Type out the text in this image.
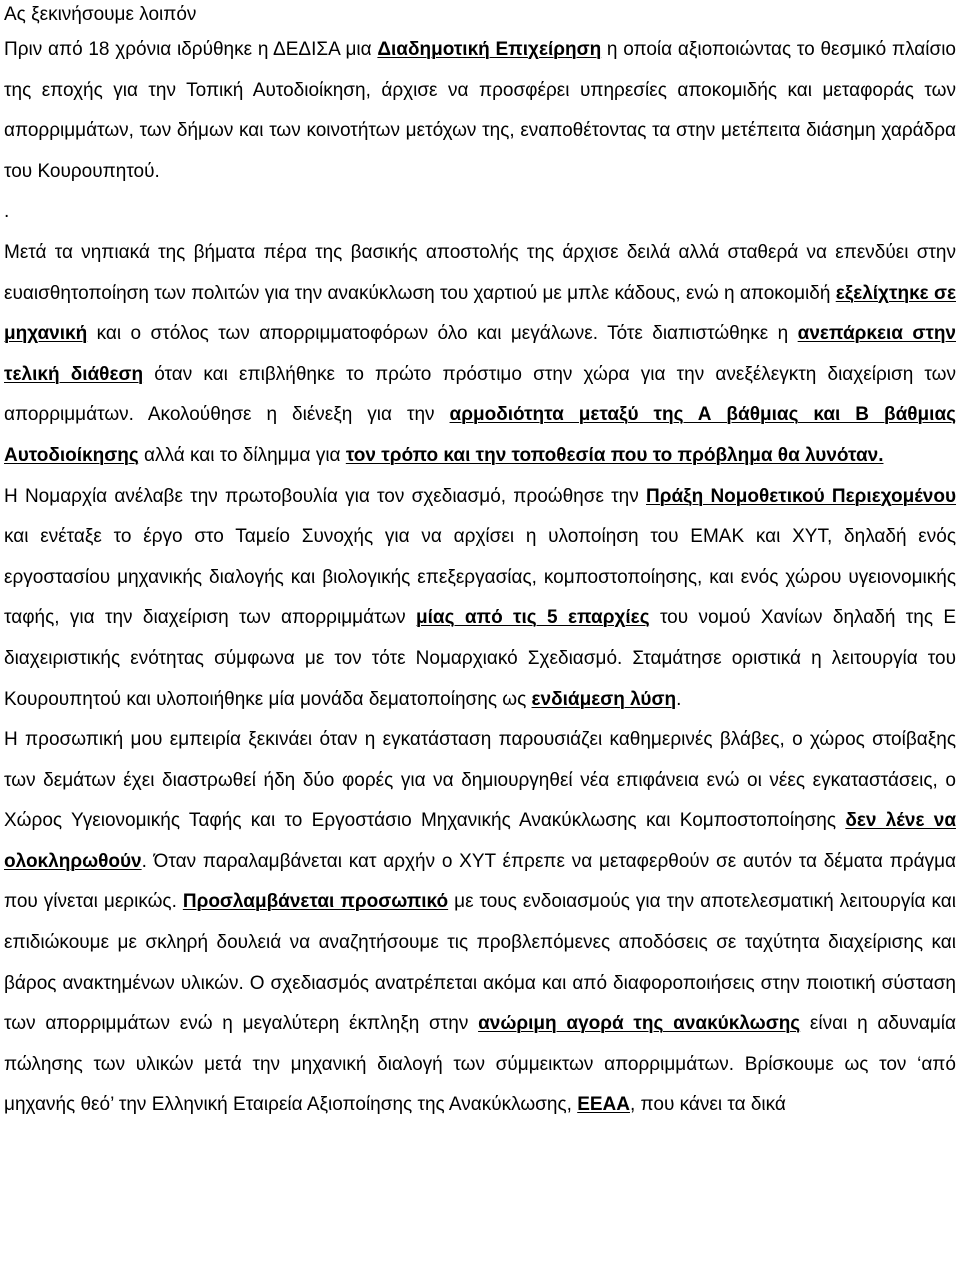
Ας ξεκινήσουμε λοιπόν

Πριν από 18 χρόνια ιδρύθηκε η ΔΕΔΙΣΑ μια Διαδημοτική Επιχείρηση η οποία αξιοποιώντας το θεσμικό πλαίσιο της εποχής για την Τοπική Αυτοδιοίκηση, άρχισε να προσφέρει υπηρεσίες αποκομιδής και μεταφοράς των απορριμμάτων, των δήμων και των κοινοτήτων μετόχων της, εναποθέτοντας τα στην μετέπειτα διάσημη χαράδρα του Κουρουπητού.

.

Μετά τα νηπιακά της βήματα πέρα της βασικής αποστολής της άρχισε δειλά αλλά σταθερά να επενδύει στην ευαισθητοποίηση των πολιτών για την ανακύκλωση του χαρτιού με μπλε κάδους, ενώ η αποκομιδή εξελίχτηκε σε μηχανική και ο στόλος των απορριμματοφόρων όλο και μεγάλωνε. Τότε διαπιστώθηκε η ανεπάρκεια στην τελική διάθεση όταν και επιβλήθηκε το πρώτο πρόστιμο στην χώρα για την ανεξέλεγκτη διαχείριση των απορριμμάτων. Ακολούθησε η διένεξη για την αρμοδιότητα μεταξύ της Α βάθμιας και Β βάθμιας Αυτοδιοίκησης αλλά και το δίλημμα για τον τρόπο και την τοποθεσία που το πρόβλημα θα λυνόταν.

Η Νομαρχία ανέλαβε την πρωτοβουλία για τον σχεδιασμό, προώθησε την Πράξη Νομοθετικού Περιεχομένου και ενέταξε το έργο στο Ταμείο Συνοχής για να αρχίσει η υλοποίηση του ΕΜΑΚ και ΧΥΤ, δηλαδή ενός εργοστασίου μηχανικής διαλογής και βιολογικής επεξεργασίας, κομποστοποίησης, και ενός χώρου υγειονομικής ταφής, για την διαχείριση των απορριμμάτων μίας από τις 5 επαρχίες του νομού Χανίων δηλαδή της Ε διαχειριστικής ενότητας σύμφωνα με τον τότε Νομαρχιακό Σχεδιασμό. Σταμάτησε οριστικά η λειτουργία του Κουρουπητού και υλοποιήθηκε μία μονάδα δεματοποίησης ως ενδιάμεση λύση.

Η προσωπική μου εμπειρία ξεκινάει όταν η εγκατάσταση παρουσιάζει καθημερινές βλάβες, ο χώρος στοίβαξης των δεμάτων έχει διαστρωθεί ήδη δύο φορές για να δημιουργηθεί νέα επιφάνεια ενώ οι νέες εγκαταστάσεις, ο Χώρος Υγειονομικής Ταφής και το Εργοστάσιο Μηχανικής Ανακύκλωσης και Κομποστοποίησης δεν λένε να ολοκληρωθούν. Όταν παραλαμβάνεται κατ αρχήν ο ΧΥΤ έπρεπε να μεταφερθούν σε αυτόν τα δέματα πράγμα που γίνεται μερικώς. Προσλαμβάνεται προσωπικό με τους ενδοιασμούς για την αποτελεσματική λειτουργία και επιδιώκουμε με σκληρή δουλειά να αναζητήσουμε τις προβλεπόμενες αποδόσεις σε ταχύτητα διαχείρισης και βάρος ανακτημένων υλικών. Ο σχεδιασμός ανατρέπεται ακόμα και από διαφοροποιήσεις στην ποιοτική σύσταση των απορριμμάτων ενώ η μεγαλύτερη έκπληξη στην ανώριμη αγορά της ανακύκλωσης είναι η αδυναμία πώλησης των υλικών μετά την μηχανική διαλογή των σύμμεικτων απορριμμάτων. Βρίσκουμε ως τον ‘από μηχανής θεό’ την Ελληνική Εταιρεία Αξιοποίησης της Ανακύκλωσης, ΕΕΑΑ, που κάνει τα δικά
